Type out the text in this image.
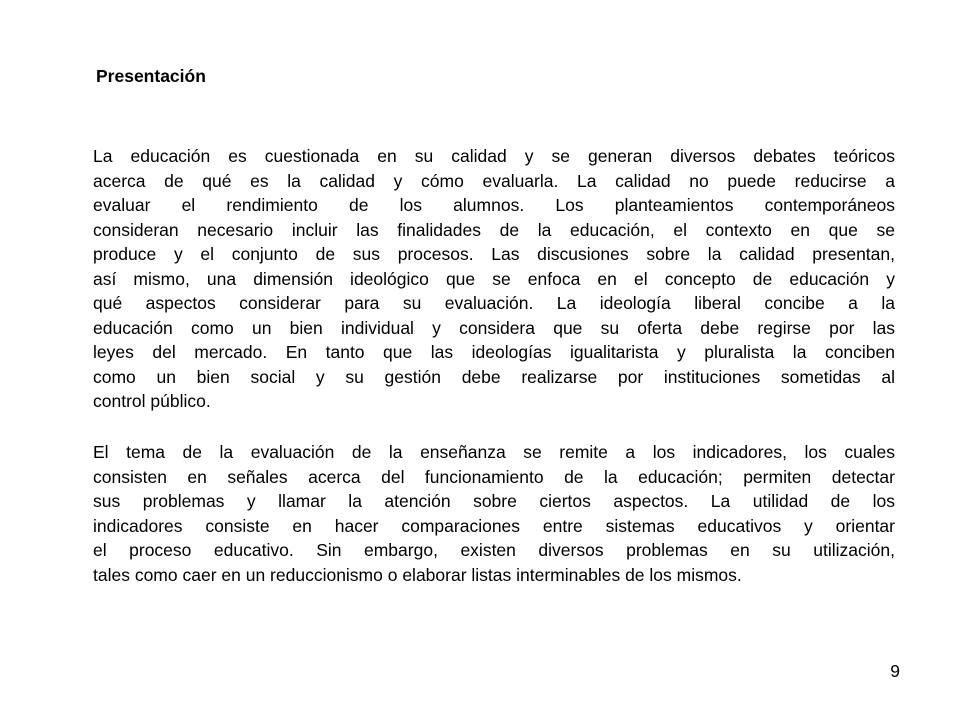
Presentación
La educación es cuestionada en su calidad y se generan diversos debates teóricos
acerca de qué es la calidad y cómo evaluarla. La calidad no puede reducirse a
evaluar el rendimiento de los alumnos. Los planteamientos contemporáneos
consideran necesario incluir las finalidades de la educación, el contexto en que se
produce y el conjunto de sus procesos. Las discusiones sobre la calidad presentan,
así mismo, una dimensión ideológico que se enfoca en el concepto de educación y
qué aspectos considerar para su evaluación. La ideología liberal concibe a la
educación como un bien individual y considera que su oferta debe regirse por las
leyes del mercado. En tanto que las ideologías igualitarista y pluralista la conciben
como un bien social y su gestión debe realizarse por instituciones sometidas al
control público.
El tema de la evaluación de la enseñanza se remite a los indicadores, los cuales
consisten en señales acerca del funcionamiento de la educación; permiten detectar
sus problemas y llamar la atención sobre ciertos aspectos. La utilidad de los
indicadores consiste en hacer comparaciones entre sistemas educativos y orientar
el proceso educativo. Sin embargo, existen diversos problemas en su utilización,
tales como caer en un reduccionismo o elaborar listas interminables de los mismos.
9
